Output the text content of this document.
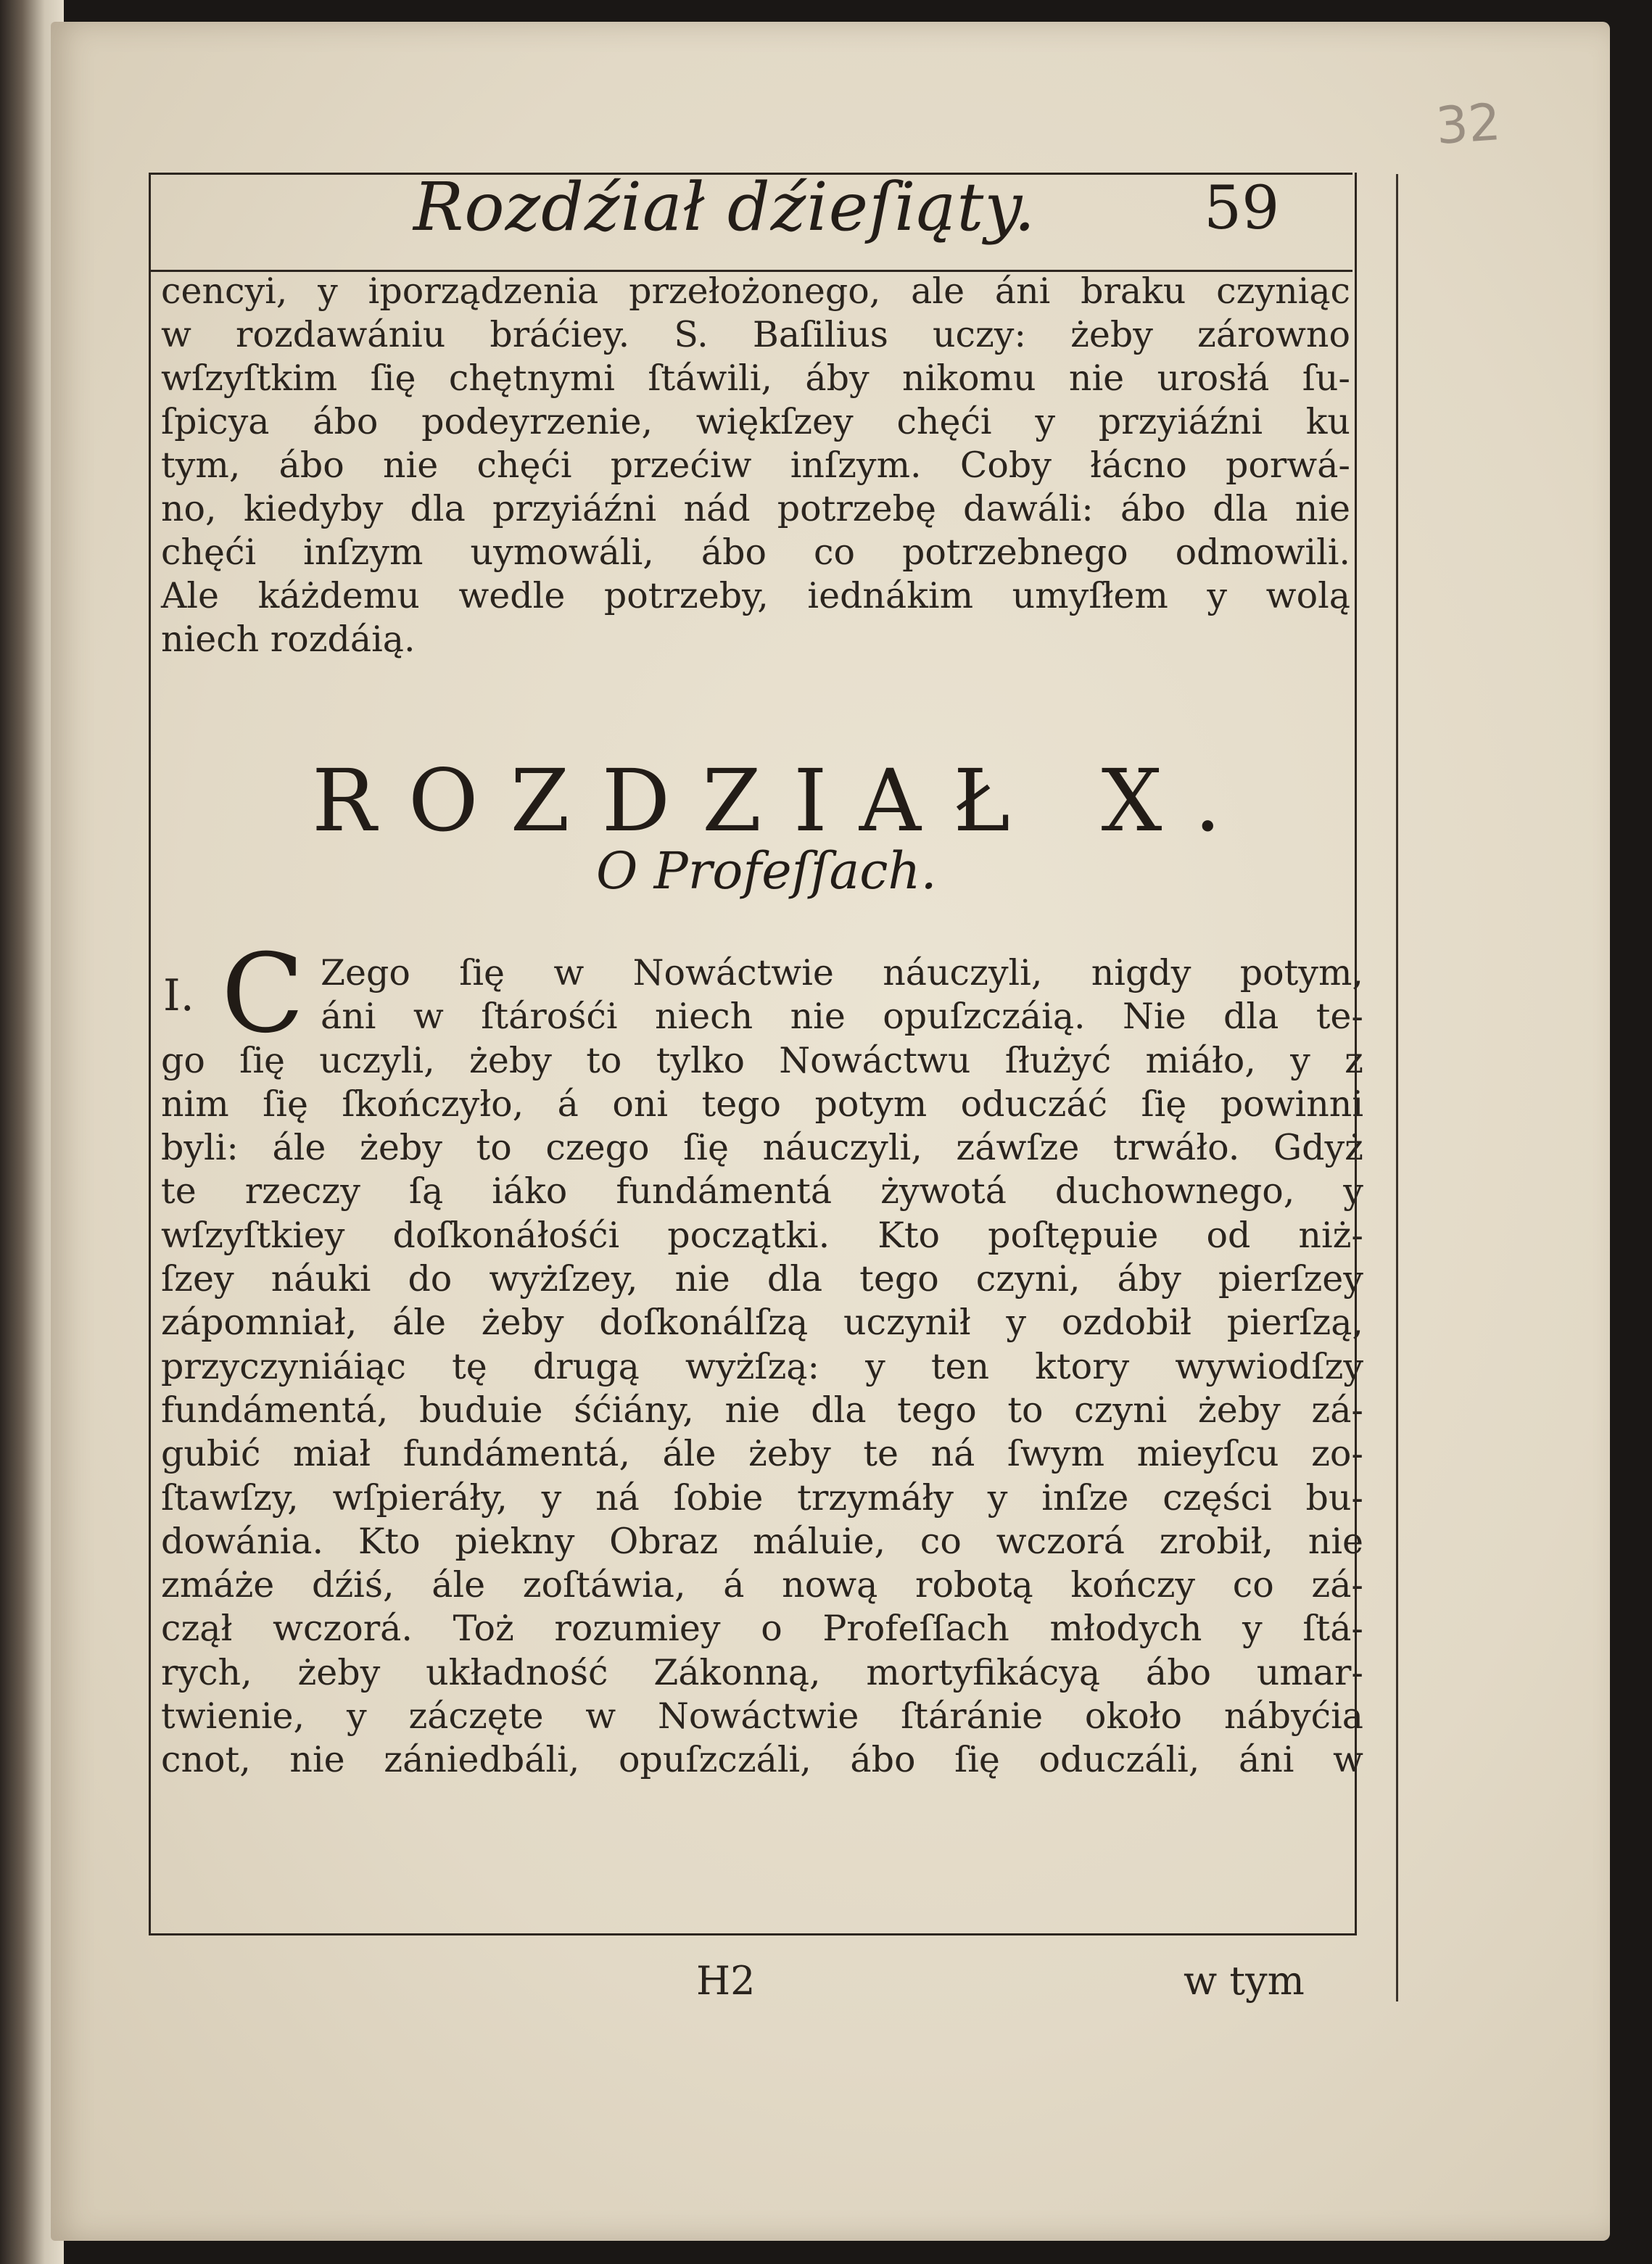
32
Rozdźiał dźieſiąty.	59
cencyi, y iporządzenia przełożonego, ale áni braku czyniąc
w rozdawániu bráćiey. S. Baſilius uczy: żeby zárowno
wſzyſtkim ſię chętnymi ſtáwili, áby nikomu nie urosłá ſu-
ſpicya ábo podeyrzenie, więkſzey chęći y przyiáźni ku
tym, ábo nie chęći przećiw inſzym. Coby łácno porwá-
no, kiedyby dla przyiáźni nád potrzebę dawáli: ábo dla nie
chęći inſzym uymowáli, ábo co potrzebnego odmowili.
Ale káżdemu wedle potrzeby, iednákim umyſłem y wolą
niech rozdáią.
ROZDZIAŁ X.
O Profeſſach.
I. C Zego ſię w Nowáctwie náuczyli, nigdy potym,
áni w ſtárośći niech nie opuſzczáią. Nie dla te-
go ſię uczyli, żeby to tylko Nowáctwu ſłużyć miáło, y z
nim ſię ſkończyło, á oni tego potym oduczáć ſię powinni
byli: ále żeby to czego ſię náuczyli, záwſze trwáło. Gdyż
te rzeczy ſą iáko fundámentá żywotá duchownego, y
wſzyſtkiey doſkonáłośći początki. Kto poſtępuie od niż-
ſzey náuki do wyżſzey, nie dla tego czyni, áby pierſzey
zápomniał, ále żeby doſkonálſzą uczynił y ozdobił pierſzą,
przyczyniáiąc tę drugą wyżſzą: y ten ktory wywiodſzy
fundámentá, buduie śćiány, nie dla tego to czyni żeby zá-
gubić miał fundámentá, ále żeby te ná ſwym mieyſcu zo-
ſtawſzy, wſpieráły, y ná ſobie trzymáły y inſze części bu-
dowánia. Kto piekny Obraz máluie, co wczorá zrobił, nie
zmáże dźiś, ále zoſtáwia, á nową robotą kończy co zá-
czął wczorá. Toż rozumiey o Profeſſach młodych y ſtá-
rych, żeby układność Zákonną, mortyfikácyą ábo umar-
twienie, y záczęte w Nowáctwie ſtáránie około nábyćia
cnot, nie zániedbáli, opuſzczáli, ábo ſię oduczáli, áni w
H2	w tym
